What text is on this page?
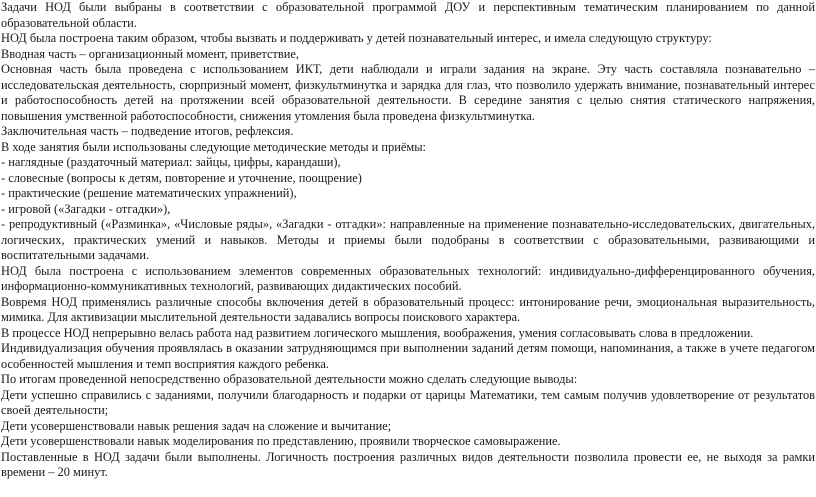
Задачи НОД были выбраны в соответствии с образовательной программой ДОУ и перспективным тематическим планированием по данной образовательной области.

НОД была построена таким образом, чтобы вызвать и поддерживать у детей познавательный интерес, и имела следующую структуру:

Вводная часть – организационный момент, приветствие,

Основная часть была проведена с использованием ИКТ, дети наблюдали и играли задания на экране. Эту часть составляла познавательно – исследовательская деятельность, сюрпризный момент, физкультминутка и зарядка для глаз, что позволило удержать внимание, познавательный интерес и работоспособность детей на протяжении всей образовательной деятельности. В середине занятия с целью снятия статического напряжения, повышения умственной работоспособности, снижения утомления была проведена физкультминутка.

Заключительная часть – подведение итогов, рефлексия.

В ходе занятия были использованы следующие методические методы и приёмы:

- наглядные (раздаточный материал: зайцы, цифры, карандаши),

- словесные (вопросы к детям, повторение и уточнение, поощрение)

- практические (решение математических упражнений),

- игровой («Загадки - отгадки»),

- репродуктивный («Разминка», «Числовые ряды», «Загадки - отгадки»: направленные на применение познавательно-исследовательских, двигательных, логических, практических умений и навыков. Методы и приемы были подобраны в соответствии с образовательными, развивающими и воспитательными задачами.

НОД была построена с использованием элементов современных образовательных технологий: индивидуально-дифференцированного обучения, информационно-коммуникативных технологий, развивающих дидактических пособий.

Вовремя НОД применялись различные способы включения детей в образовательный процесс: интонирование речи, эмоциональная выразительность, мимика. Для активизации мыслительной деятельности задавались вопросы поискового характера.

В процессе НОД непрерывно велась работа над развитием логического мышления, воображения, умения согласовывать слова в предложении.

Индивидуализация обучения проявлялась в оказании затрудняющимся при выполнении заданий детям помощи, напоминания, а также в учете педагогом особенностей мышления и темп восприятия каждого ребенка.

По итогам проведенной непосредственно образовательной деятельности можно сделать следующие выводы:

Дети успешно справились с заданиями, получили благодарность и подарки от царицы Математики, тем самым получив удовлетворение от результатов своей деятельности;

Дети усовершенствовали навык решения задач на сложение и вычитание;

Дети усовершенствовали навык моделирования по представлению, проявили творческое самовыражение.

Поставленные в НОД задачи были выполнены. Логичность построения различных видов деятельности позволила провести ее, не выходя за рамки времени – 20 минут.
